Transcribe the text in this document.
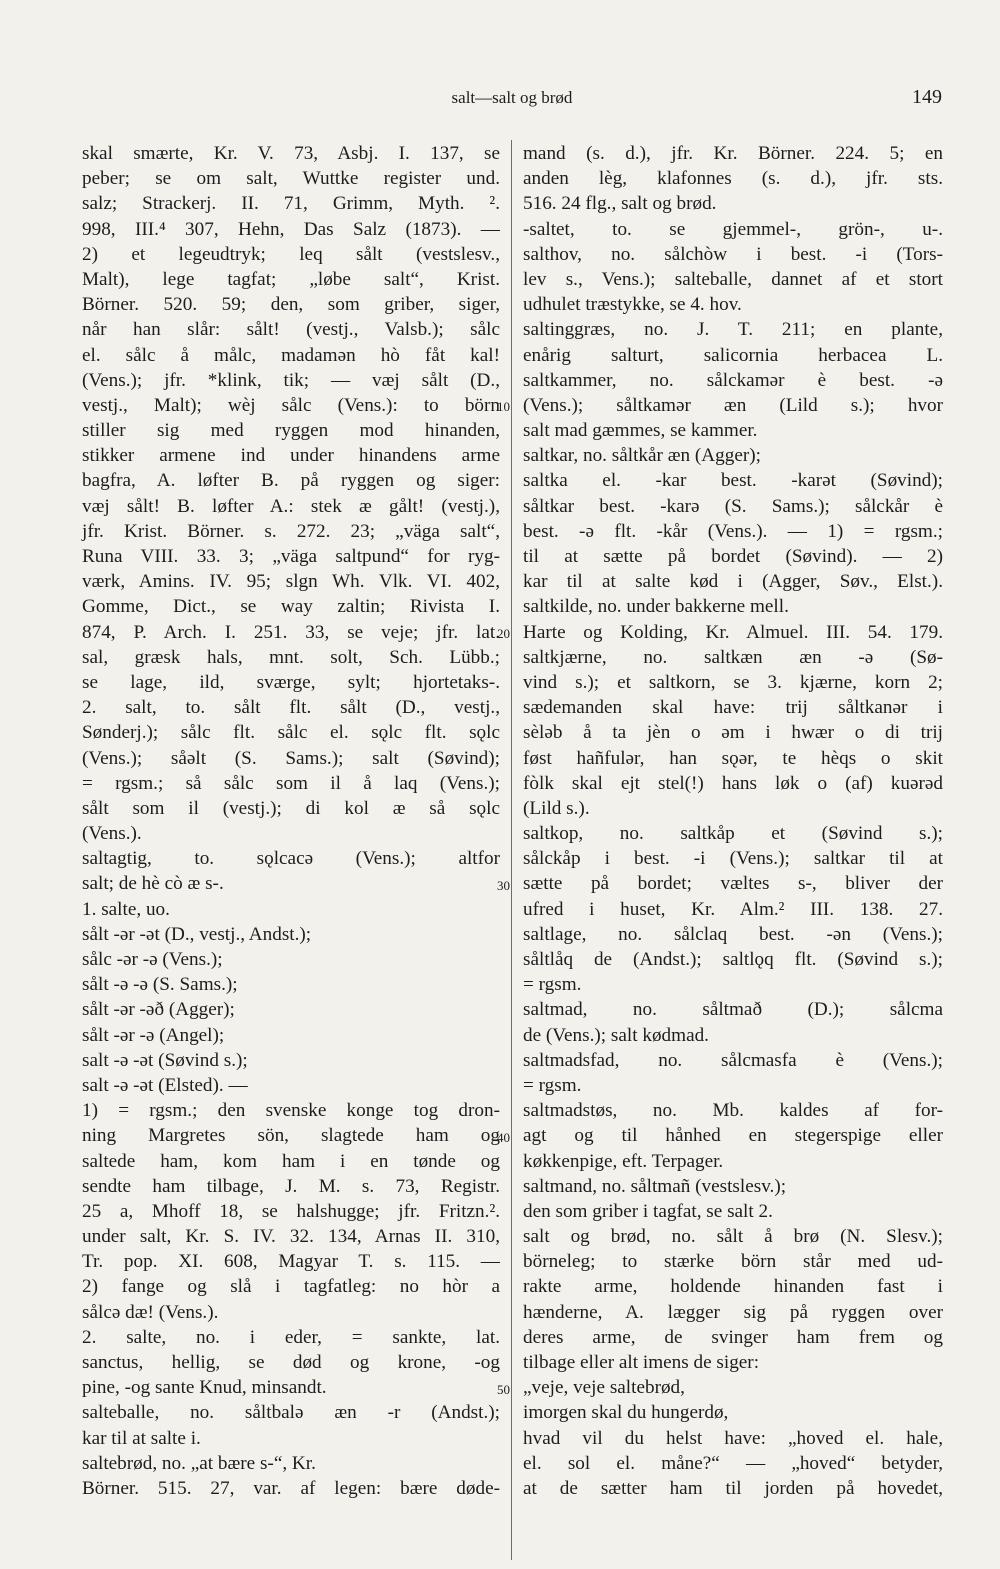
salt—salt og brød	149
skal smærte, Kr. V. 73, Asbj. I. 137, se
peber; se om salt, Wuttke register und.
salz; Strackerj. II. 71, Grimm, Myth. ².
998, III.⁴ 307, Hehn, Das Salz (1873). —
2) et legeudtryk; leq sålt (vestslesv.,
Malt), lege tagfat; „løbe salt“, Krist.
Börner. 520. 59; den, som griber, siger,
når han slår: sålt! (vestj., Valsb.); sålc
el. sålc å målc, madamən hò fåt kal!
(Vens.); jfr. *klink, tik; — væj sålt (D.,
vestj., Malt); wèj sålc (Vens.): to börn
stiller sig med ryggen mod hinanden,
stikker armene ind under hinandens arme
bagfra, A. løfter B. på ryggen og siger:
væj sålt! B. løfter A.: stek æ gålt! (vestj.),
jfr. Krist. Börner. s. 272. 23; „väga salt“,
Runa VIII. 33. 3; „väga saltpund“ for ryg-
værk, Amins. IV. 95; slgn Wh. Vlk. VI. 402,
Gomme, Dict., se way zaltin; Rivista I.
874, P. Arch. I. 251. 33, se veje; jfr. lat.
sal, græsk hals, mnt. solt, Sch. Lübb.;
se lage, ild, sværge, sylt; hjortetaks-.
2. salt, to. sålt flt. sålt (D., vestj.,
Sønderj.); sålc flt. sålc el. sǫlc flt. sǫlc
(Vens.); såəlt (S. Sams.); salt (Søvind);
= rgsm.; så sålc som il å laq (Vens.);
sålt som il (vestj.); di kol æ så sǫlc
(Vens.).
saltagtig, to. sǫlcacə (Vens.); altfor
salt; de hè cò æ s-.
1. salte, uo.
sålt -ər -ət (D., vestj., Andst.);
sålc -ər -ə (Vens.);
sålt -ə -ə (S. Sams.);
sålt -ər -əð (Agger);
sålt -ər -ə (Angel);
salt -ə -ət (Søvind s.);
salt -ə -ət (Elsted). —
1) = rgsm.; den svenske konge tog dron-
ning Margretes sön, slagtede ham og
saltede ham, kom ham i en tønde og
sendte ham tilbage, J. M. s. 73, Registr.
25 a, Mhoff 18, se halshugge; jfr. Fritzn.².
under salt, Kr. S. IV. 32. 134, Arnas II. 310,
Tr. pop. XI. 608, Magyar T. s. 115. —
2) fange og slå i tagfatleg: no hòr a
sålcə dæ! (Vens.).
2. salte, no. i eder, = sankte, lat.
sanctus, hellig, se død og krone, -og
pine, -og sante Knud, minsandt.
salteballe, no. såltbalə æn -r (Andst.);
kar til at salte i.
saltebrød, no. „at bære s-“, Kr.
Börner. 515. 27, var. af legen: bære døde-
mand (s. d.), jfr. Kr. Börner. 224. 5; en
anden lèg, klafonnes (s. d.), jfr. sts.
516. 24 flg., salt og brød.
-saltet, to. se gjemmel-, grön-, u-.
salthov, no. sålchòw i best. -i (Tors-
lev s., Vens.); salteballe, dannet af et stort
udhulet træstykke, se 4. hov.
saltinggræs, no. J. T. 211; en plante,
enårig salturt, salicornia herbacea L.
saltkammer, no. sålckamər è best. -ə
(Vens.); såltkamər æn (Lild s.); hvor
salt mad gæmmes, se kammer.
saltkar, no. såltkår æn (Agger);
saltka el. -kar best. -karət (Søvind);
såltkar best. -karə (S. Sams.); sålckår è
best. -ə flt. -kår (Vens.). — 1) = rgsm.;
til at sætte på bordet (Søvind). — 2)
kar til at salte kød i (Agger, Søv., Elst.).
saltkilde, no. under bakkerne mell.
Harte og Kolding, Kr. Almuel. III. 54. 179.
saltkjærne, no. saltkæn æn -ə (Sø-
vind s.); et saltkorn, se 3. kjærne, korn 2;
sædemanden skal have: trij såltkanər i
sèləb å ta jèn o əm i hwær o di trij
føst hañfulər, han sǫər, te hèqs o skit
fòlk skal ejt stel(!) hans løk o (af) kuərəd
(Lild s.).
saltkop, no. saltkåp et (Søvind s.);
sålckåp i best. -i (Vens.); saltkar til at
sætte på bordet; væltes s-, bliver der
ufred i huset, Kr. Alm.² III. 138. 27.
saltlage, no. sålclaq best. -ən (Vens.);
såltlåq de (Andst.); saltlǫq flt. (Søvind s.);
= rgsm.
saltmad, no. såltmað (D.); sålcma
de (Vens.); salt kødmad.
saltmadsfad, no. sålcmasfa è (Vens.);
= rgsm.
saltmadstøs, no. Mb. kaldes af for-
agt og til hånhed en stegerspige eller
køkkenpige, eft. Terpager.
saltmand, no. såltmañ (vestslesv.);
den som griber i tagfat, se salt 2.
salt og brød, no. sålt å brø (N. Slesv.);
börneleg; to stærke börn står med ud-
rakte arme, holdende hinanden fast i
hænderne, A. lægger sig på ryggen over
deres arme, de svinger ham frem og
tilbage eller alt imens de siger:
„veje, veje saltebrød,
imorgen skal du hungerdø,
hvad vil du helst have: „hoved el. hale,
el. sol el. måne?“ — „hoved“ betyder,
at de sætter ham til jorden på hovedet,
10
20
30
40
50
